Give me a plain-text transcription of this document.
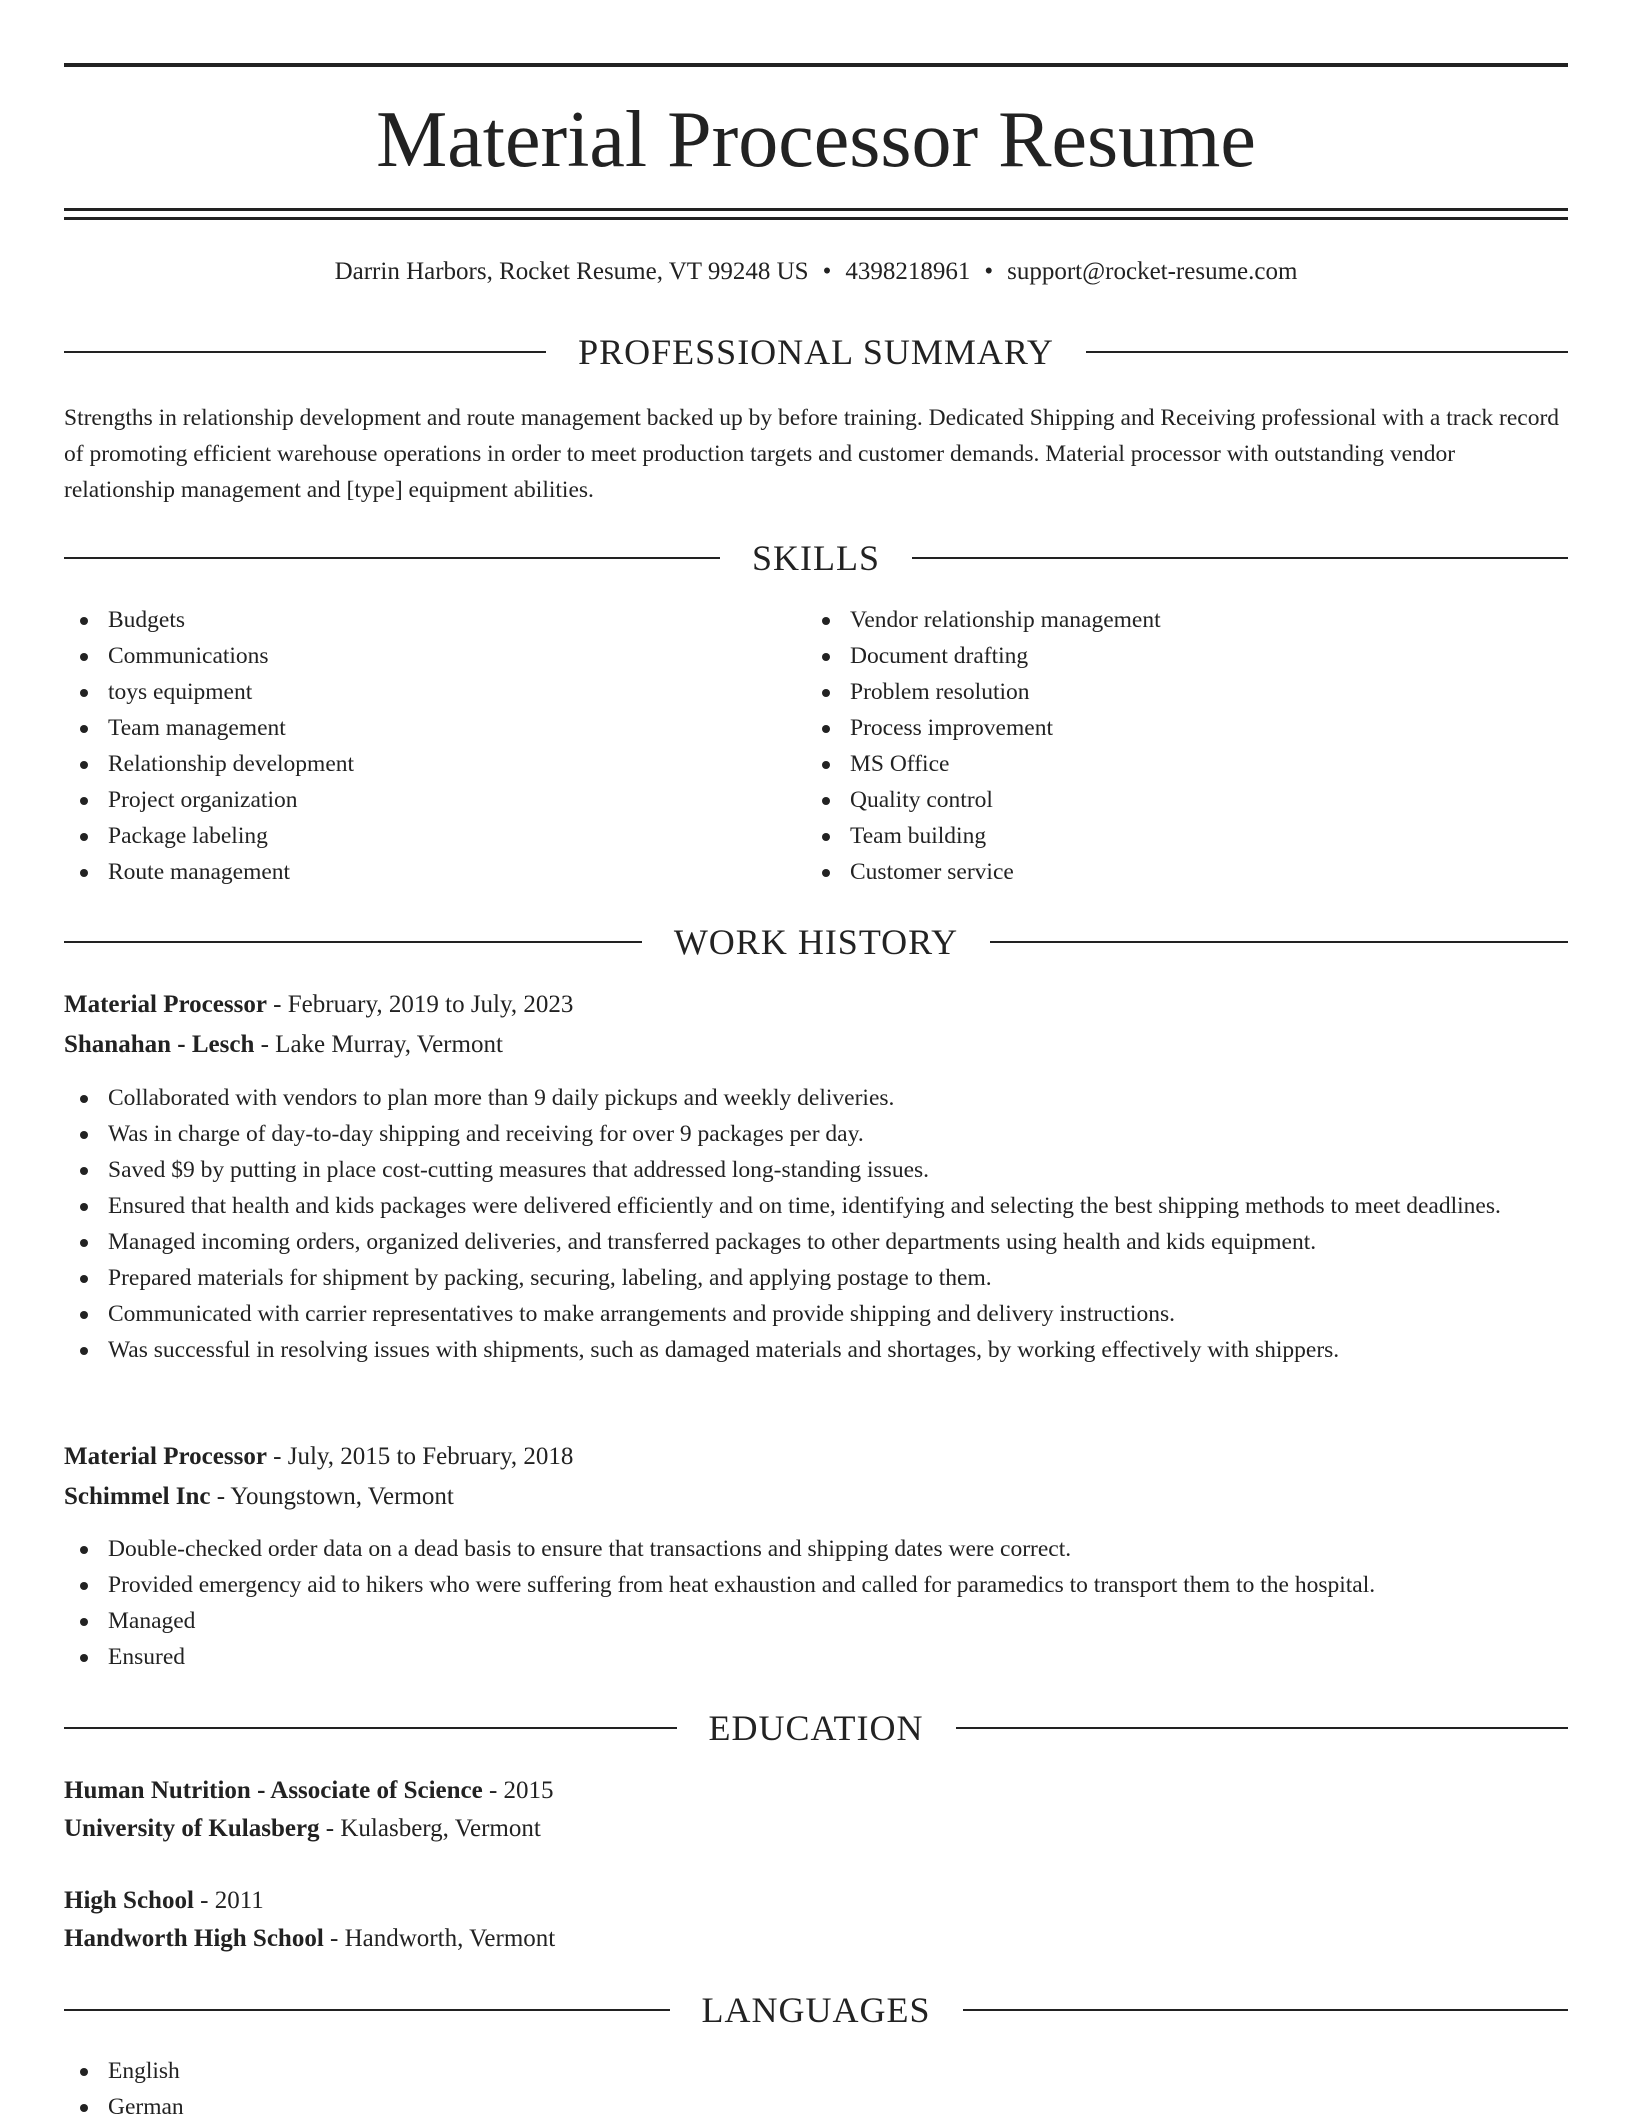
Material Processor Resume
Darrin Harbors, Rocket Resume, VT 99248 US • 4398218961 • support@rocket-resume.com
PROFESSIONAL SUMMARY

Strengths in relationship development and route management backed up by before training. Dedicated Shipping and Receiving professional with a track record of promoting efficient warehouse operations in order to meet production targets and customer demands. Material processor with outstanding vendor relationship management and [type] equipment abilities.

SKILLS
Budgets
Communications
toys equipment
Team management
Relationship development
Project organization
Package labeling
Route management
Vendor relationship management
Document drafting
Problem resolution
Process improvement
MS Office
Quality control
Team building
Customer service
WORK HISTORY
Material Processor - February, 2019 to July, 2023
Shanahan - Lesch - Lake Murray, Vermont
Collaborated with vendors to plan more than 9 daily pickups and weekly deliveries.
Was in charge of day-to-day shipping and receiving for over 9 packages per day.
Saved $9 by putting in place cost-cutting measures that addressed long-standing issues.
Ensured that health and kids packages were delivered efficiently and on time, identifying and selecting the best shipping methods to meet deadlines.
Managed incoming orders, organized deliveries, and transferred packages to other departments using health and kids equipment.
Prepared materials for shipment by packing, securing, labeling, and applying postage to them.
Communicated with carrier representatives to make arrangements and provide shipping and delivery instructions.
Was successful in resolving issues with shipments, such as damaged materials and shortages, by working effectively with shippers.
Material Processor - July, 2015 to February, 2018
Schimmel Inc - Youngstown, Vermont
Double-checked order data on a dead basis to ensure that transactions and shipping dates were correct.
Provided emergency aid to hikers who were suffering from heat exhaustion and called for paramedics to transport them to the hospital.
Managed
Ensured
EDUCATION
Human Nutrition - Associate of Science - 2015
University of Kulasberg - Kulasberg, Vermont
High School - 2011
Handworth High School - Handworth, Vermont
LANGUAGES
English
German
